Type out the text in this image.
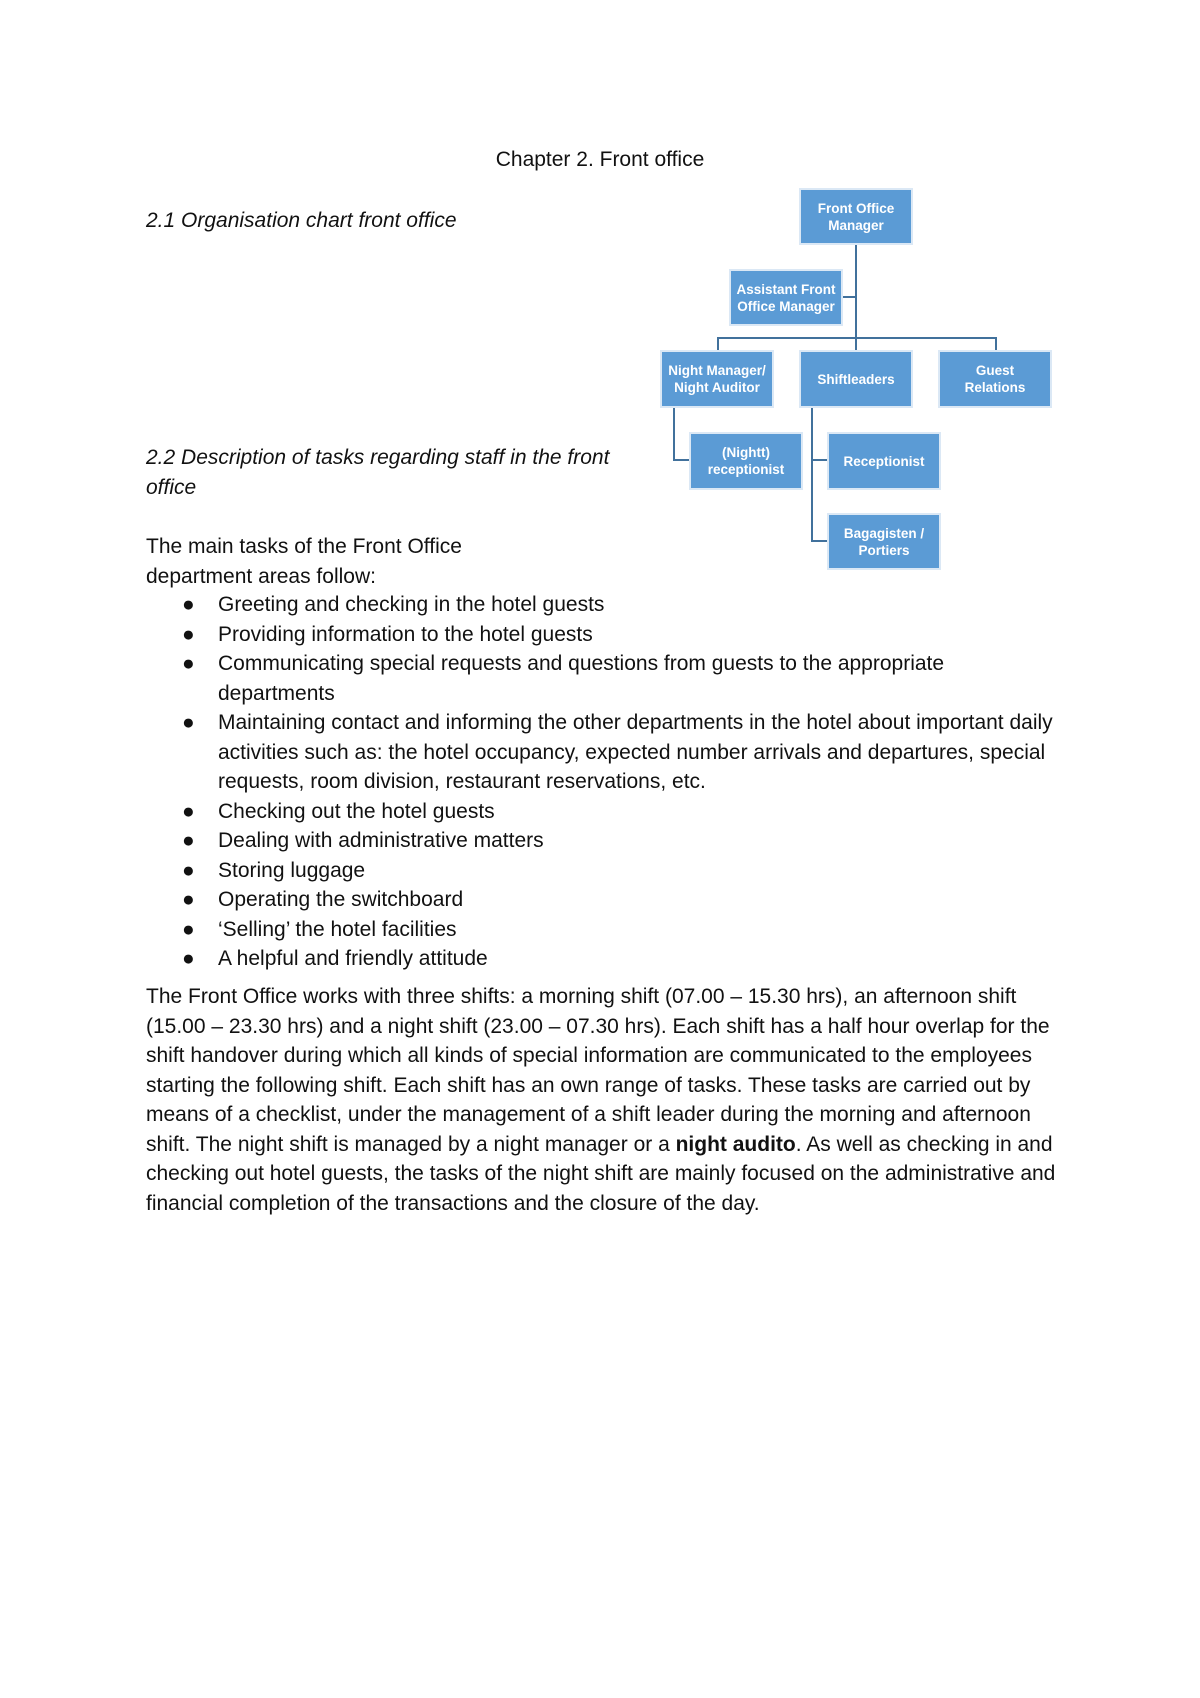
Chapter 2. Front office
2.1 Organisation chart front office
2.2 Description of tasks regarding staff in the front office
Front Office Manager
Assistant Front Office Manager
Night Manager/ Night Auditor
Shiftleaders
Guest Relations
(Nightt) receptionist
Receptionist
Bagagisten / Portiers
The main tasks of the Front Office department areas follow:
● Greeting and checking in the hotel guests
● Providing information to the hotel guests
● Communicating special requests and questions from guests to the appropriate departments
● Maintaining contact and informing the other departments in the hotel about important daily activities such as: the hotel occupancy, expected number arrivals and departures, special requests, room division, restaurant reservations, etc.
● Checking out the hotel guests
● Dealing with administrative matters
● Storing luggage
● Operating the switchboard
● ‘Selling’ the hotel facilities
● A helpful and friendly attitude
The Front Office works with three shifts: a morning shift (07.00 – 15.30 hrs), an afternoon shift (15.00 – 23.30 hrs) and a night shift (23.00 – 07.30 hrs). Each shift has a half hour overlap for the shift handover during which all kinds of special information are communicated to the employees starting the following shift. Each shift has an own range of tasks. These tasks are carried out by means of a checklist, under the management of a shift leader during the morning and afternoon shift. The night shift is managed by a night manager or a night audito. As well as checking in and checking out hotel guests, the tasks of the night shift are mainly focused on the administrative and financial completion of the transactions and the closure of the day.
